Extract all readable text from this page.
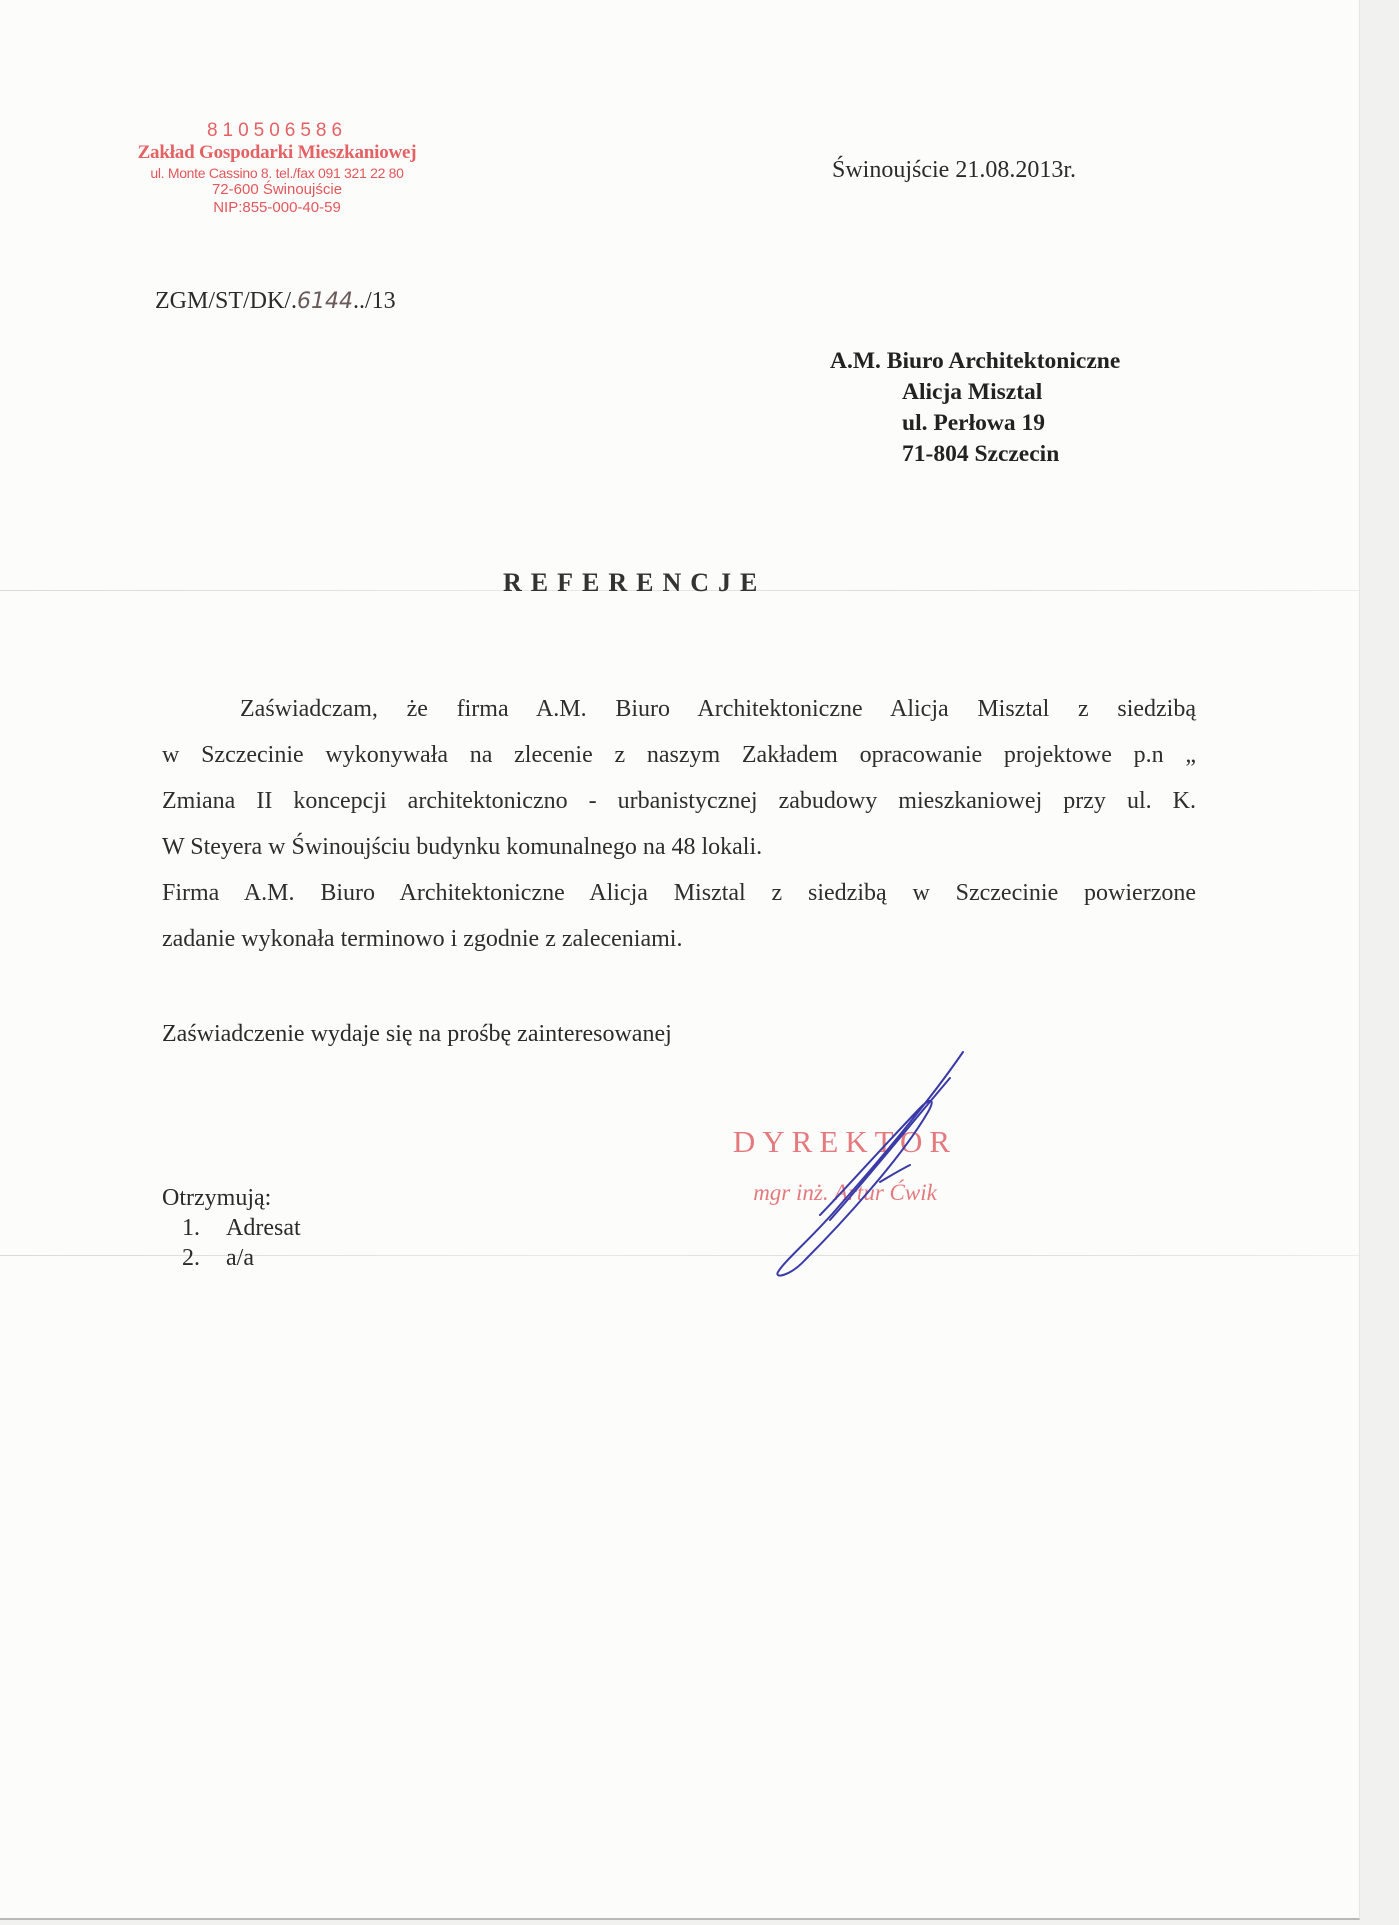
810506586
Zakład Gospodarki Mieszkaniowej
ul. Monte Cassino 8. tel./fax 091 321 22 80
72-600 Świnoujście
NIP:855-000-40-59
ZGM/ST/DK/.6144../13
Świnoujście 21.08.2013r.
A.M. Biuro Architektoniczne
Alicja Misztal
ul. Perłowa 19
71-804 Szczecin
REFERENCJE

Zaświadczam, że firma A.M. Biuro Architektoniczne Alicja Misztal z siedzibą

w Szczecinie wykonywała na zlecenie z naszym Zakładem opracowanie projektowe p.n „

Zmiana II koncepcji architektoniczno - urbanistycznej zabudowy mieszkaniowej przy ul. K.

W Steyera w Świnoujściu budynku komunalnego na 48 lokali.

Firma A.M. Biuro Architektoniczne Alicja Misztal z siedzibą w Szczecinie powierzone

zadanie wykonała terminowo i zgodnie z zaleceniami.

Zaświadczenie wydaje się na prośbę zainteresowanej
DYREKTOR
mgr inż. Artur Ćwik
Otrzymują:
1. Adresat
2. a/a
